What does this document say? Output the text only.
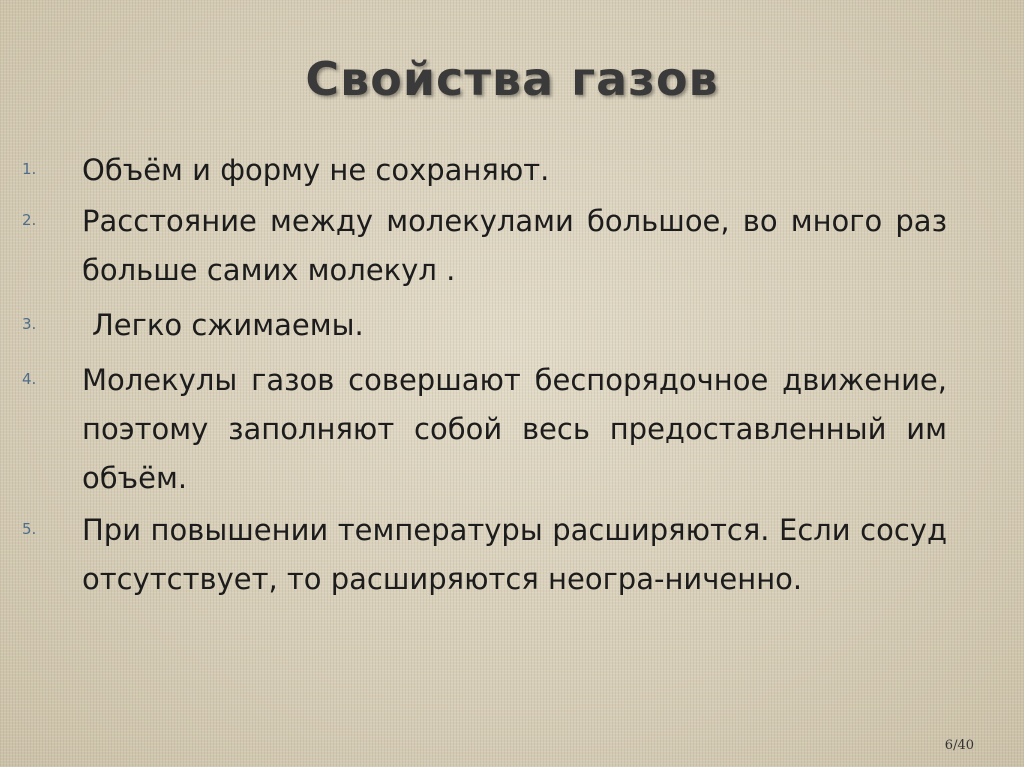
Свойства газов
1.	Объём и форму не сохраняют.
2.	Расстояние между молекулами большое, во много раз больше самих молекул .
3.	Легко сжимаемы.
4.	Молекулы газов совершают беспорядочное движение, поэтому заполняют собой весь предоставленный им объём.
5.	При повышении температуры расширяются. Если сосуд отсутствует, то расширяются неогра-ниченно.
6/40
